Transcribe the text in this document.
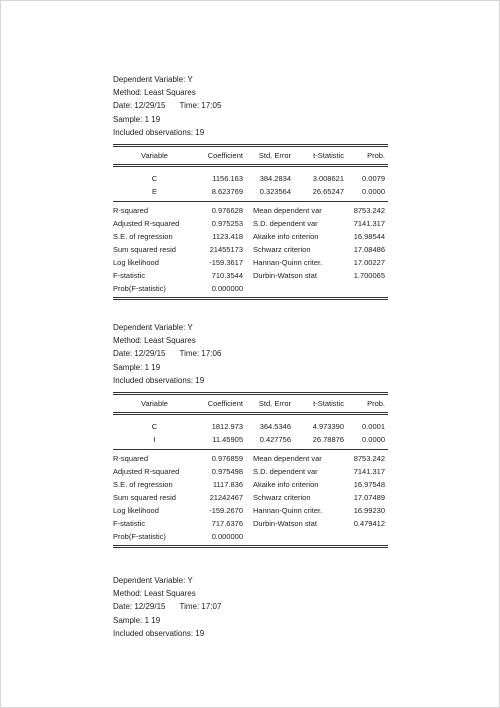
Dependent Variable: Y
Method: Least Squares
Date: 12/29/15 Time: 17:05
Sample: 1 19
Included observations: 19
Variable	Coefficient Std. Error	t-Statistic	Prob.
C	1156.163 384.2834	3.008621 0.0079
E	8.623769 0.323564	26.65247 0.0000
R-squared	0.976628 Mean dependent var	8753.242
Adjusted R-squared	0.975253 S.D. dependent var	7141.317
S.E. of regression	1123.418 Akaike info criterion	16.98544
Sum squared resid	21455173 Schwarz criterion	17.08486
Log likelihood	-159.3617 Hannan-Quinn criter.	17.00227
F-statistic	710.3544 Durbin-Watson stat	1.700065
Prob(F-statistic)	0.000000
Dependent Variable: Y
Method: Least Squares
Date: 12/29/15 Time: 17:06
Sample: 1 19
Included observations: 19
Variable	Coefficient Std. Error	t-Statistic	Prob.
C	1812.973 364.5346	4.973390 0.0001
I	11.45905 0.427756	26.78876 0.0000
R-squared	0.976859 Mean dependent var	8753.242
Adjusted R-squared	0.975498 S.D. dependent var	7141.317
S.E. of regression	1117.836 Akaike info criterion	16.97548
Sum squared resid	21242467 Schwarz criterion	17.07489
Log likelihood	-159.2670 Hannan-Quinn criter.	16.99230
F-statistic	717.6376 Durbin-Watson stat	0.479412
Prob(F-statistic)	0.000000
Dependent Variable: Y
Method: Least Squares
Date: 12/29/15 Time: 17:07
Sample: 1 19
Included observations: 19
